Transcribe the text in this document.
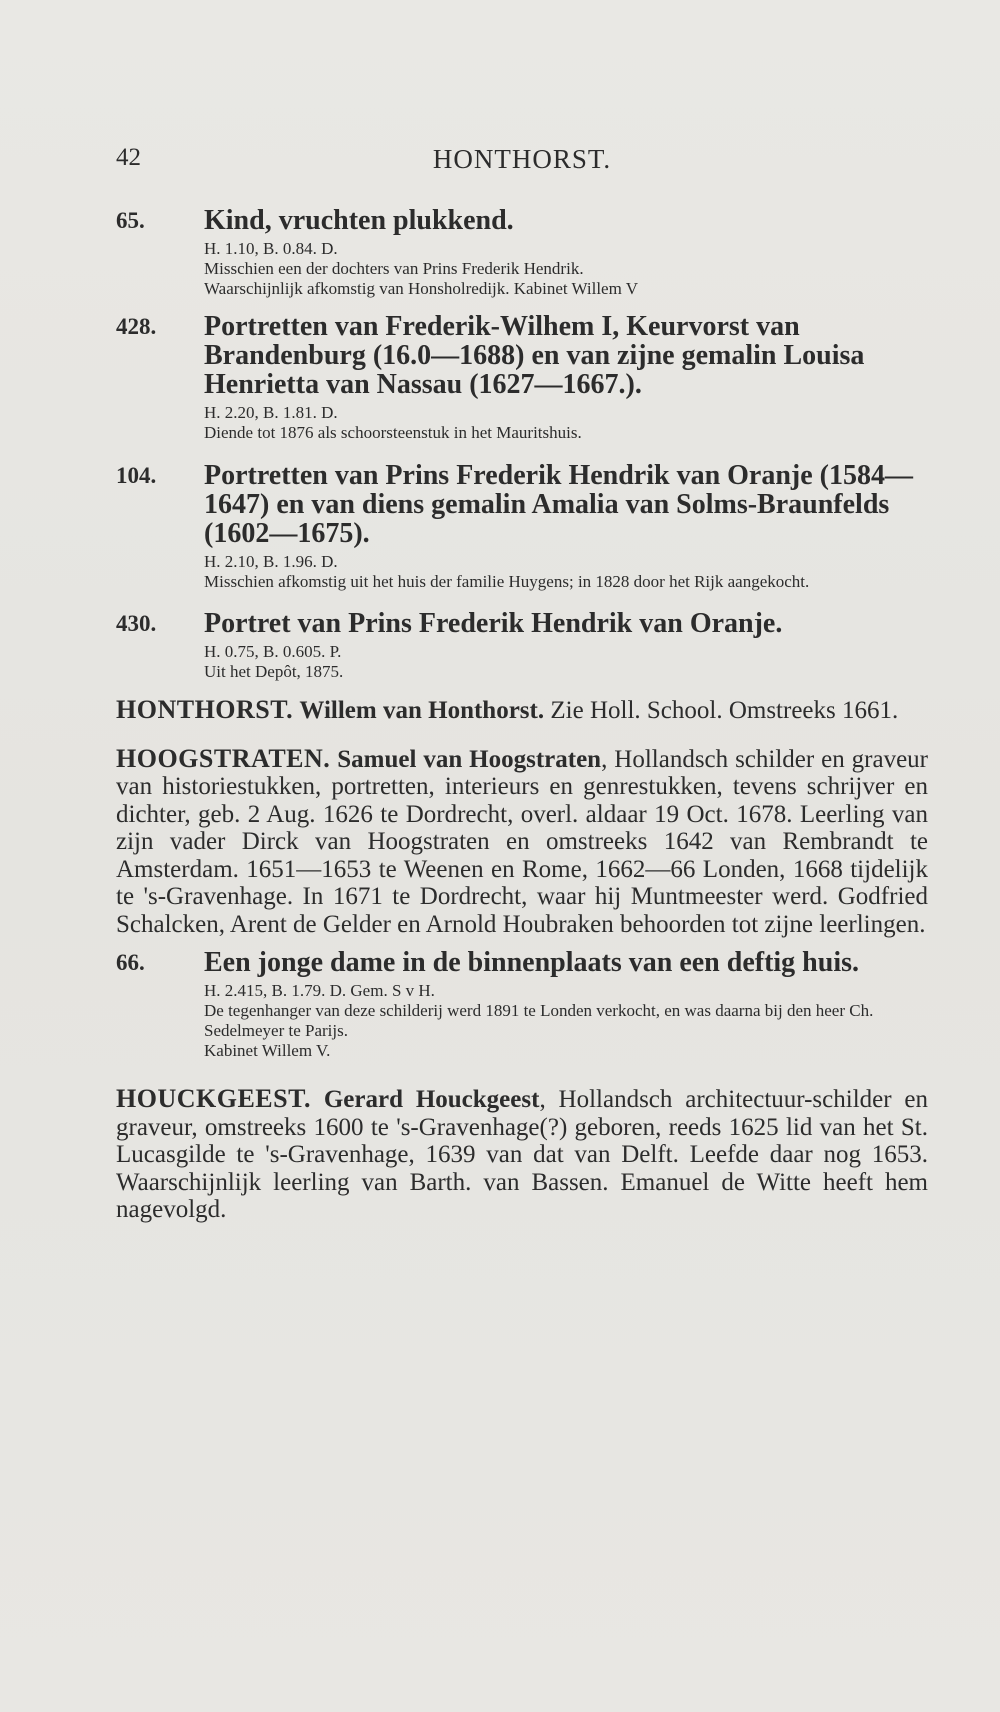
42	HONTHORST.
65. Kind, vruchten plukkend.
H. 1.10, B. 0.84. D.
Misschien een der dochters van Prins Frederik Hendrik.
Waarschijnlijk afkomstig van Honsholredijk. Kabinet Willem V
428. Portretten van Frederik-Wilhem I, Keurvorst van Brandenburg (16.0—1688) en van zijne gemalin Louisa Henrietta van Nassau (1627—1667.).
H. 2.20, B. 1.81. D.
Diende tot 1876 als schoorsteenstuk in het Mauritshuis.
104. Portretten van Prins Frederik Hendrik van Oranje (1584—1647) en van diens gemalin Amalia van Solms-Braunfelds (1602—1675).
H. 2.10, B. 1.96. D.
Misschien afkomstig uit het huis der familie Huygens; in 1828 door het Rijk aangekocht.
430. Portret van Prins Frederik Hendrik van Oranje.
H. 0.75, B. 0.605. P.
Uit het Depôt, 1875.
HONTHORST. Willem van Honthorst. Zie Holl. School. Omstreeks 1661.
HOOGSTRATEN. Samuel van Hoogstraten, Hollandsch schilder en graveur van historiestukken, portretten, interieurs en genrestukken, tevens schrijver en dichter, geb. 2 Aug. 1626 te Dordrecht, overl. aldaar 19 Oct. 1678. Leerling van zijn vader Dirck van Hoogstraten en omstreeks 1642 van Rembrandt te Amsterdam. 1651—1653 te Weenen en Rome, 1662—66 Londen, 1668 tijdelijk te 's-Gravenhage. In 1671 te Dordrecht, waar hij Muntmeester werd. Godfried Schalcken, Arent de Gelder en Arnold Houbraken behoorden tot zijne leerlingen.
66. Een jonge dame in de binnenplaats van een deftig huis.
H. 2.415, B. 1.79. D. Gem. S v H.
De tegenhanger van deze schilderij werd 1891 te Londen verkocht, en was daarna bij den heer Ch. Sedelmeyer te Parijs.
Kabinet Willem V.
HOUCKGEEST. Gerard Houckgeest, Hollandsch architectuur-schilder en graveur, omstreeks 1600 te 's-Gravenhage(?) geboren, reeds 1625 lid van het St. Lucasgilde te 's-Gravenhage, 1639 van dat van Delft. Leefde daar nog 1653. Waarschijnlijk leerling van Barth. van Bassen. Emanuel de Witte heeft hem nagevolgd.
